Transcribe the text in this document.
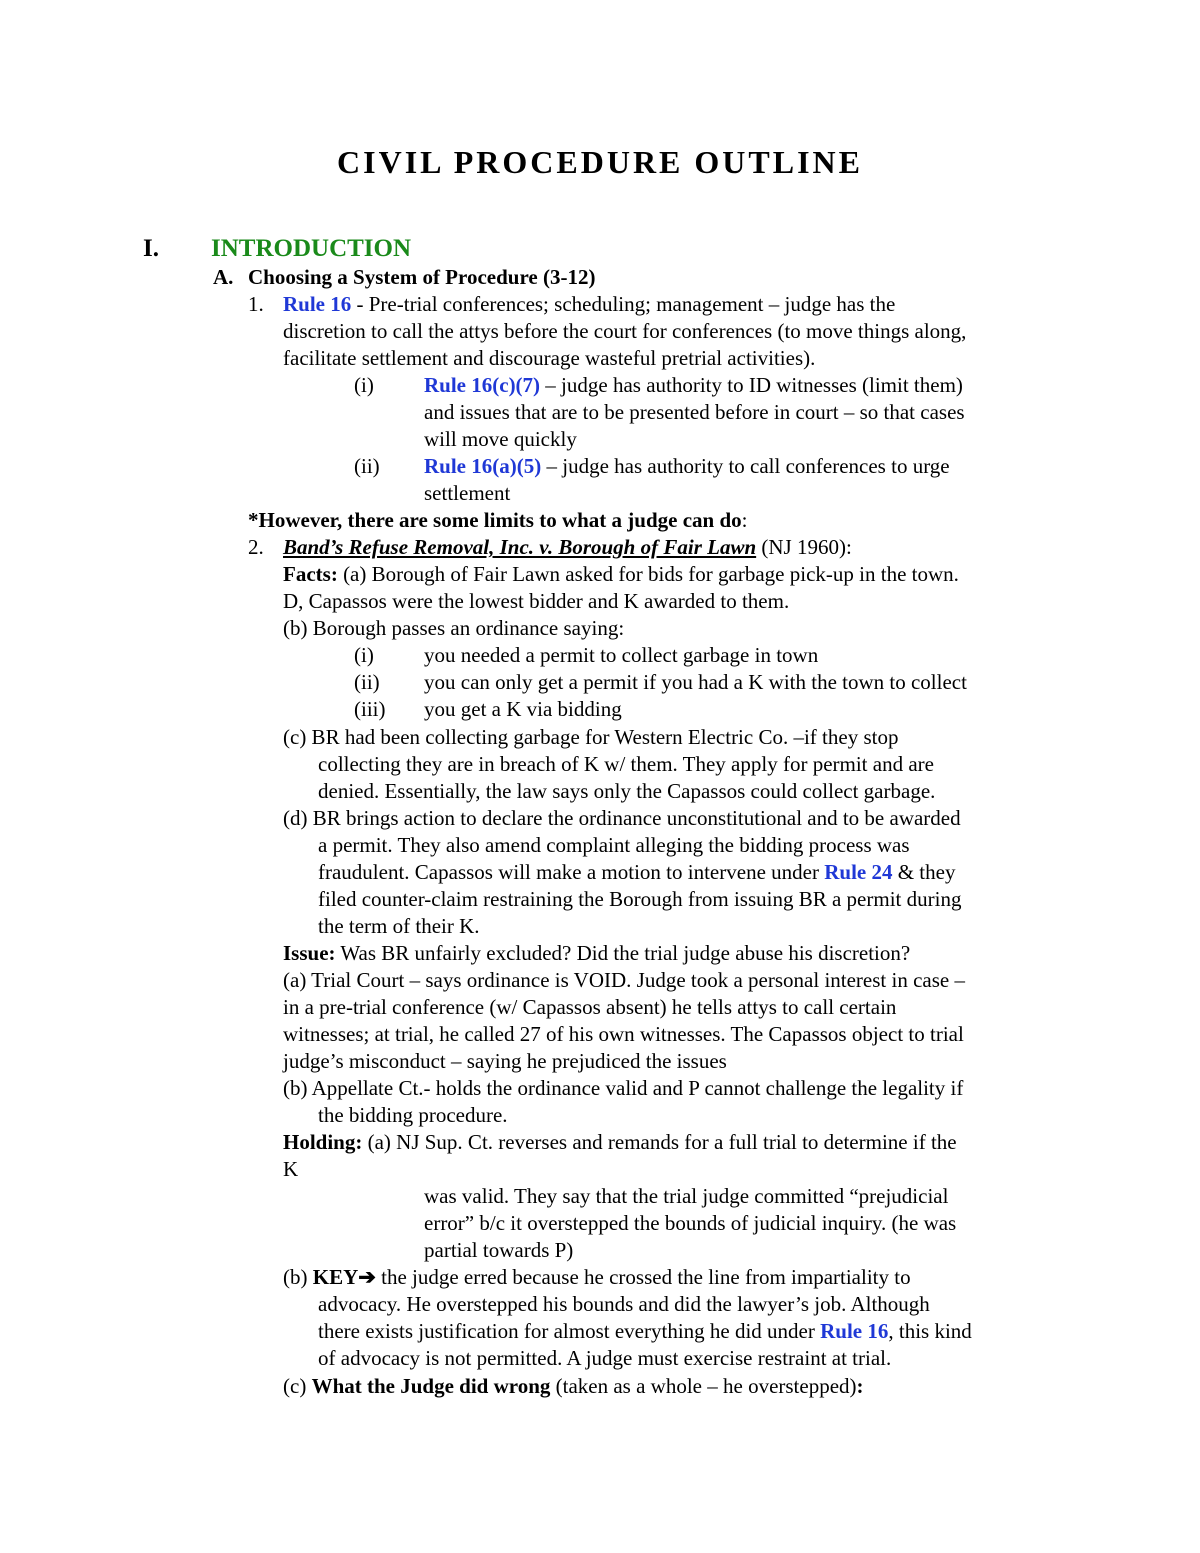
CIVIL PROCEDURE OUTLINE
I. INTRODUCTION
A. Choosing a System of Procedure (3-12)
1. Rule 16 - Pre-trial conferences; scheduling; management – judge has the
discretion to call the attys before the court for conferences (to move things along,
facilitate settlement and discourage wasteful pretrial activities).
(i) Rule 16(c)(7) – judge has authority to ID witnesses (limit them)
and issues that are to be presented before in court – so that cases
will move quickly
(ii) Rule 16(a)(5) – judge has authority to call conferences to urge
settlement
*However, there are some limits to what a judge can do:
2. Band’s Refuse Removal, Inc. v. Borough of Fair Lawn (NJ 1960):
Facts: (a) Borough of Fair Lawn asked for bids for garbage pick-up in the town.
D, Capassos were the lowest bidder and K awarded to them.
(b) Borough passes an ordinance saying:
(i) you needed a permit to collect garbage in town
(ii) you can only get a permit if you had a K with the town to collect
(iii) you get a K via bidding
(c) BR had been collecting garbage for Western Electric Co. –if they stop
collecting they are in breach of K w/ them. They apply for permit and are
denied. Essentially, the law says only the Capassos could collect garbage.
(d) BR brings action to declare the ordinance unconstitutional and to be awarded
a permit. They also amend complaint alleging the bidding process was
fraudulent. Capassos will make a motion to intervene under Rule 24 & they
filed counter-claim restraining the Borough from issuing BR a permit during
the term of their K.
Issue: Was BR unfairly excluded? Did the trial judge abuse his discretion?
(a) Trial Court – says ordinance is VOID. Judge took a personal interest in case –
in a pre-trial conference (w/ Capassos absent) he tells attys to call certain
witnesses; at trial, he called 27 of his own witnesses. The Capassos object to trial
judge’s misconduct – saying he prejudiced the issues
(b) Appellate Ct.- holds the ordinance valid and P cannot challenge the legality if
the bidding procedure.
Holding: (a) NJ Sup. Ct. reverses and remands for a full trial to determine if the
K
was valid. They say that the trial judge committed “prejudicial
error” b/c it overstepped the bounds of judicial inquiry. (he was
partial towards P)
(b) KEY➔ the judge erred because he crossed the line from impartiality to
advocacy. He overstepped his bounds and did the lawyer’s job. Although
there exists justification for almost everything he did under Rule 16, this kind
of advocacy is not permitted. A judge must exercise restraint at trial.
(c) What the Judge did wrong (taken as a whole – he overstepped):
